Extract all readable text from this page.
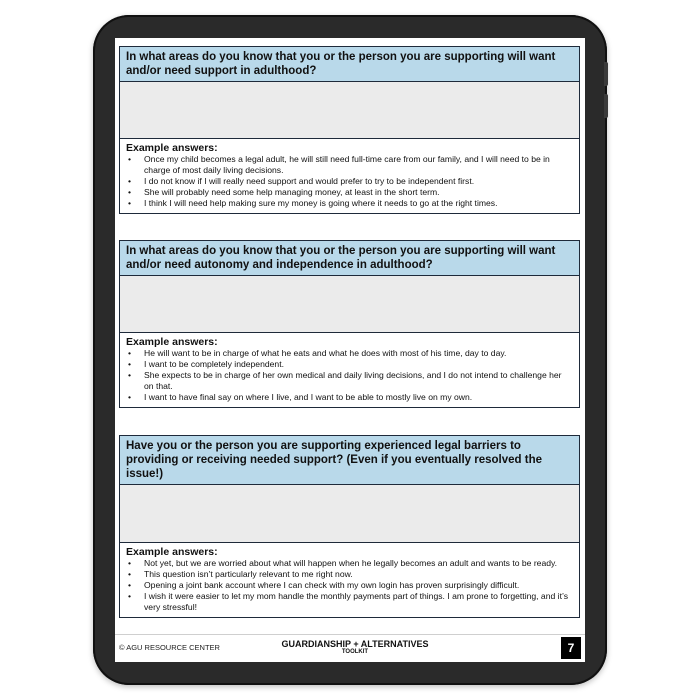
In what areas do you know that you or the person you are supporting will want and/or need support in adulthood?
Example answers:
• Once my child becomes a legal adult, he will still need full-time care from our family, and I will need to be in charge of most daily living decisions.
• I do not know if I will really need support and would prefer to try to be independent first.
• She will probably need some help managing money, at least in the short term.
• I think I will need help making sure my money is going where it needs to go at the right times.
In what areas do you know that you or the person you are supporting will want and/or need autonomy and independence in adulthood?
Example answers:
• He will want to be in charge of what he eats and what he does with most of his time, day to day.
• I want to be completely independent.
• She expects to be in charge of her own medical and daily living decisions, and I do not intend to challenge her on that.
• I want to have final say on where I live, and I want to be able to mostly live on my own.
Have you or the person you are supporting experienced legal barriers to providing or receiving needed support? (Even if you eventually resolved the issue!)
Example answers:
• Not yet, but we are worried about what will happen when he legally becomes an adult and wants to be ready.
• This question isn’t particularly relevant to me right now.
• Opening a joint bank account where I can check with my own login has proven surprisingly difficult.
• I wish it were easier to let my mom handle the monthly payments part of things. I am prone to forgetting, and it’s very stressful!
© AGU RESOURCE CENTER	GUARDIANSHIP + ALTERNATIVES
TOOLKIT	7
